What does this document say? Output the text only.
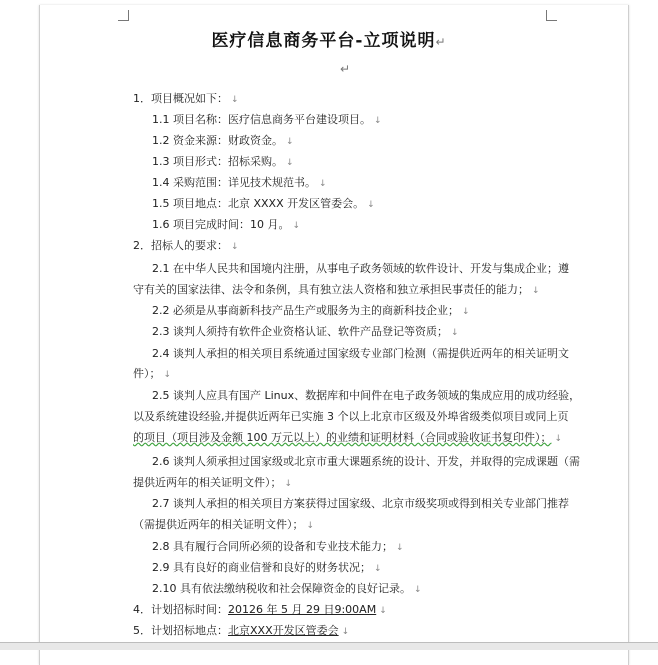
医疗信息商务平台-立项说明↵
↵
1．项目概况如下： ↓
1.1 项目名称：医疗信息商务平台建设项目。 ↓
1.2 资金来源：财政资金。 ↓
1.3 项目形式：招标采购。 ↓
1.4 采购范围：详见技术规范书。 ↓
1.5 项目地点：北京 XXXX 开发区管委会。 ↓
1.6 项目完成时间：10 月。 ↓
2．招标人的要求： ↓
2.1 在中华人民共和国境内注册，从事电子政务领域的软件设计、开发与集成企业；遵
守有关的国家法律、法令和条例，具有独立法人资格和独立承担民事责任的能力； ↓
2.2 必须是从事商新科技产品生产或服务为主的商新科技企业； ↓
2.3 谈判人须持有软件企业资格认证、软件产品登记等资质； ↓
2.4 谈判人承担的相关项目系统通过国家级专业部门检测（需提供近两年的相关证明文
件）； ↓
2.5 谈判人应具有国产 Linux、数据库和中间件在电子政务领域的集成应用的成功经验，
以及系统建设经验,并提供近两年已实施 3 个以上北京市区级及外埠省级类似项目或同上页
的项目（项目涉及金额 100 万元以上）的业绩和证明材料（合同或验收证书复印件）； ↓
2.6 谈判人须承担过国家级或北京市重大课题系统的设计、开发，并取得的完成课题（需
提供近两年的相关证明文件）； ↓
2.7 谈判人承担的相关项目方案获得过国家级、北京市级奖项或得到相关专业部门推荐
（需提供近两年的相关证明文件）； ↓
2.8 具有履行合同所必须的设备和专业技术能力； ↓
2.9 具有良好的商业信誉和良好的财务状况； ↓
2.10 具有依法缴纳税收和社会保障资金的良好记录。 ↓
4．计划招标时间：20126 年 5 月 29 日9:00AM ↓
5．计划招标地点：北京XXX开发区管委会 ↓
